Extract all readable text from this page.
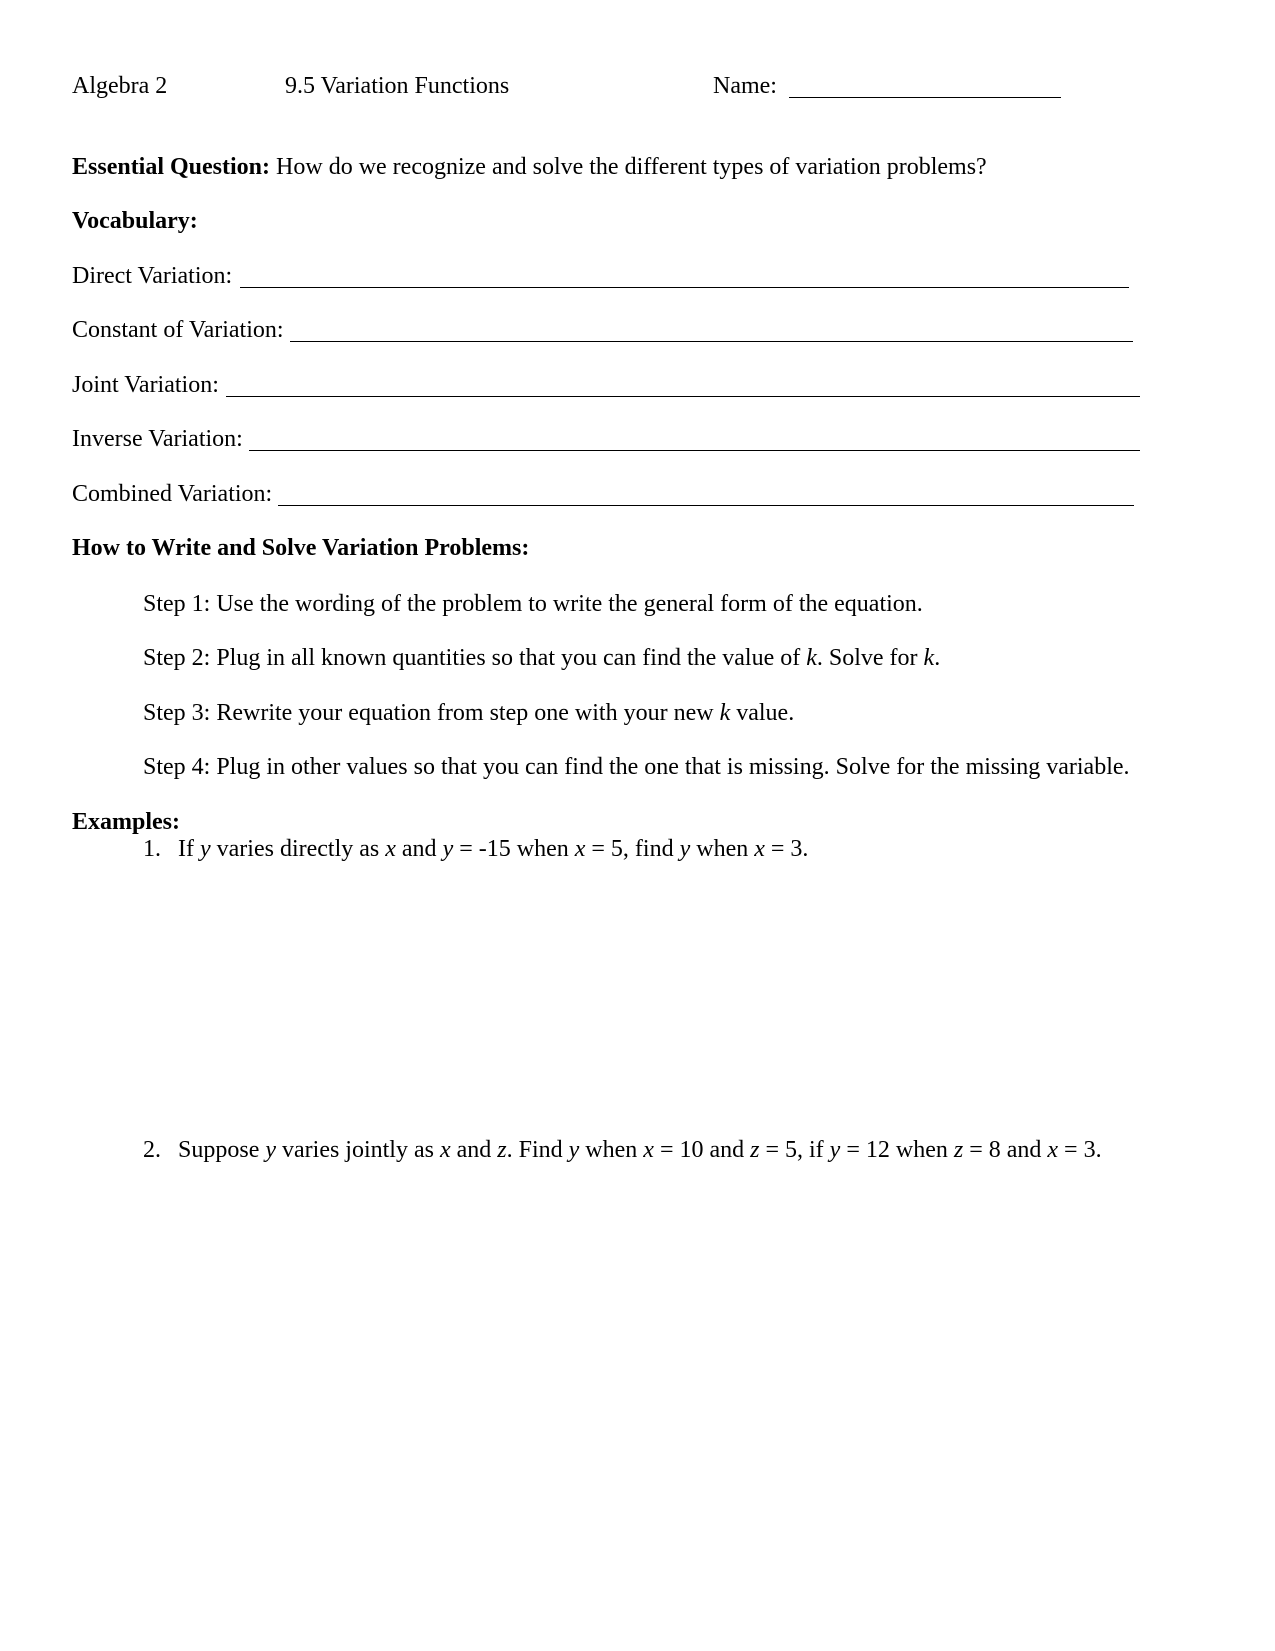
Algebra 2	9.5 Variation Functions	Name:
Essential Question: How do we recognize and solve the different types of variation problems?
Vocabulary:
Direct Variation:
Constant of Variation:
Joint Variation:
Inverse Variation:
Combined Variation:
How to Write and Solve Variation Problems:
Step 1: Use the wording of the problem to write the general form of the equation.
Step 2: Plug in all known quantities so that you can find the value of k. Solve for k.
Step 3: Rewrite your equation from step one with your new k value.
Step 4: Plug in other values so that you can find the one that is missing. Solve for the missing variable.
Examples:
1. If y varies directly as x and y = -15 when x = 5, find y when x = 3.
2. Suppose y varies jointly as x and z. Find y when x = 10 and z = 5, if y = 12 when z = 8 and x = 3.
